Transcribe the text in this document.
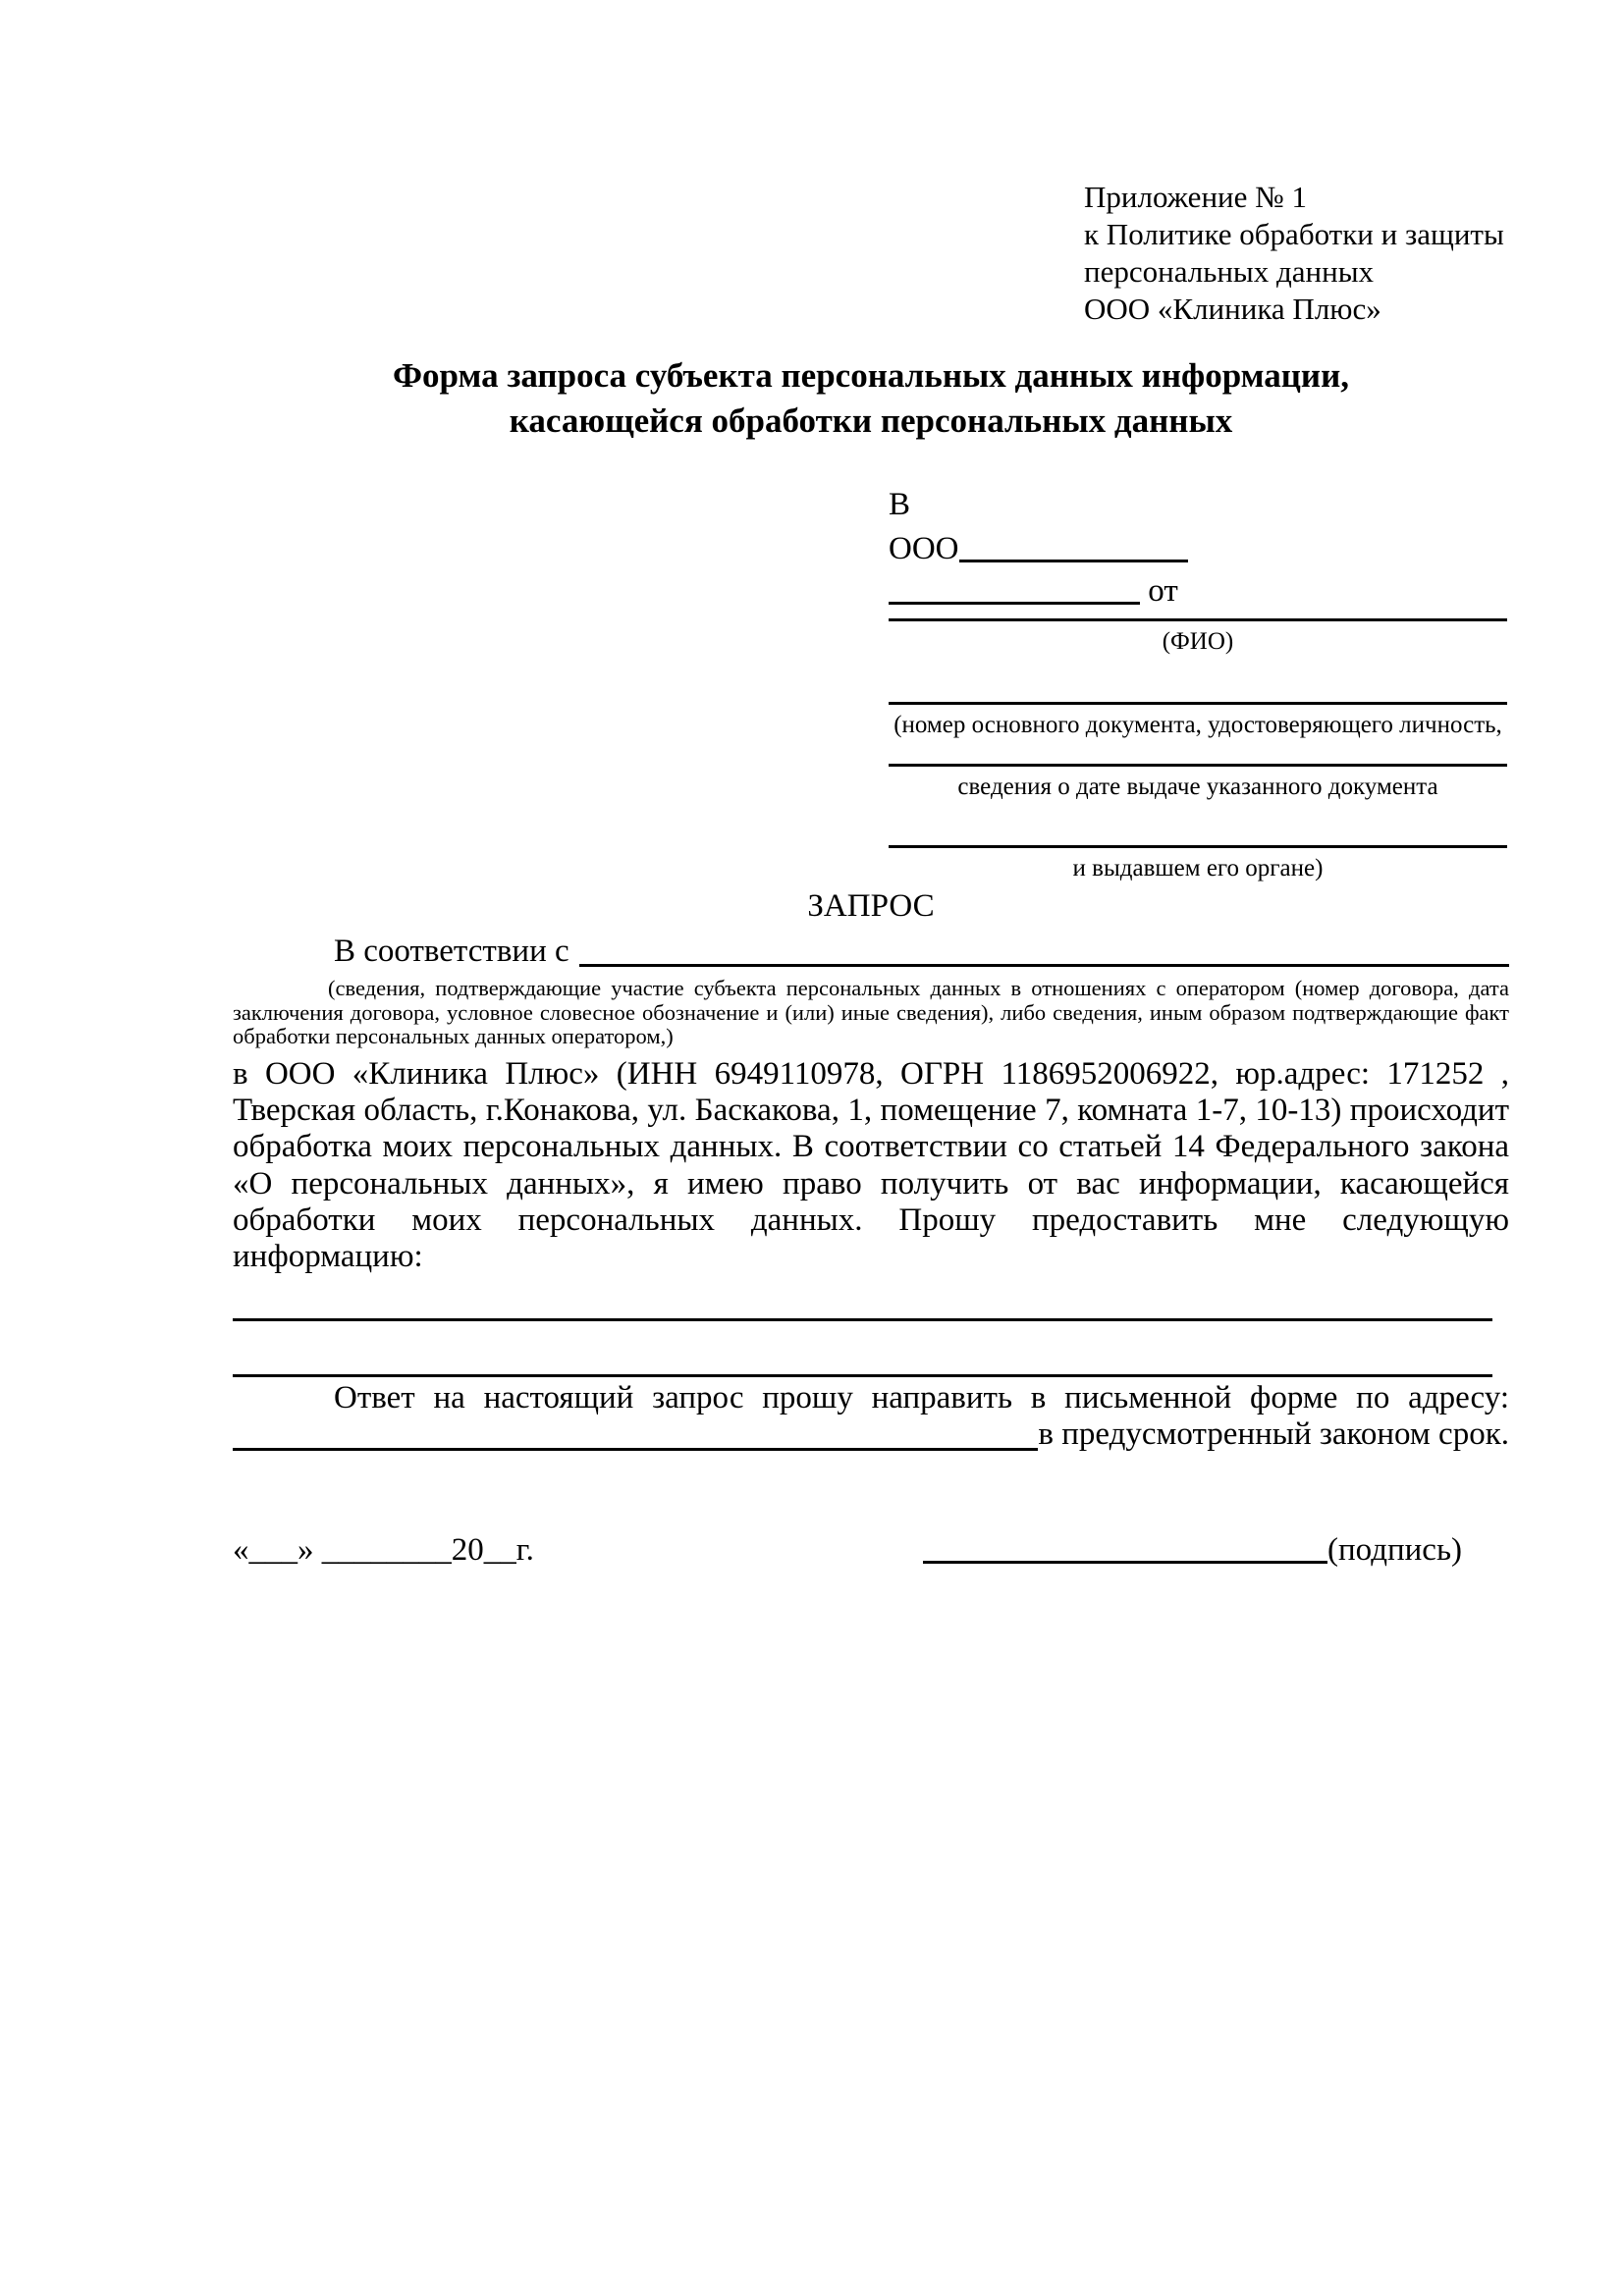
Приложение № 1
к Политике обработки и защиты
персональных данных
ООО «Клиника Плюс»
Форма запроса субъекта персональных данных информации,
касающейся обработки персональных данных
В
ООО
от
(ФИО)
(номер основного документа, удостоверяющего личность,
сведения о дате выдаче указанного документа
и выдавшем его органе)
ЗАПРОС
В соответствии с
(сведения, подтверждающие участие субъекта персональных данных в отношениях с оператором (номер договора, дата заключения договора, условное словесное обозначение и (или) иные сведения), либо сведения, иным образом подтверждающие факт обработки персональных данных оператором,)
в ООО «Клиника Плюс» (ИНН 6949110978, ОГРН 1186952006922, юр.адрес: 171252 , Тверская область, г.Конакова, ул. Баскакова, 1, помещение 7, комната 1-7, 10-13) происходит обработка моих персональных данных. В соответствии со статьей 14 Федерального закона «О персональных данных», я имею право получить от вас информации, касающейся обработки моих персональных данных. Прошу предоставить мне следующую информацию:
Ответ на настоящий запрос прошу направить в письменной форме по адресу:
в предусмотренный законом срок.
«___» ________20__г.	(подпись)
